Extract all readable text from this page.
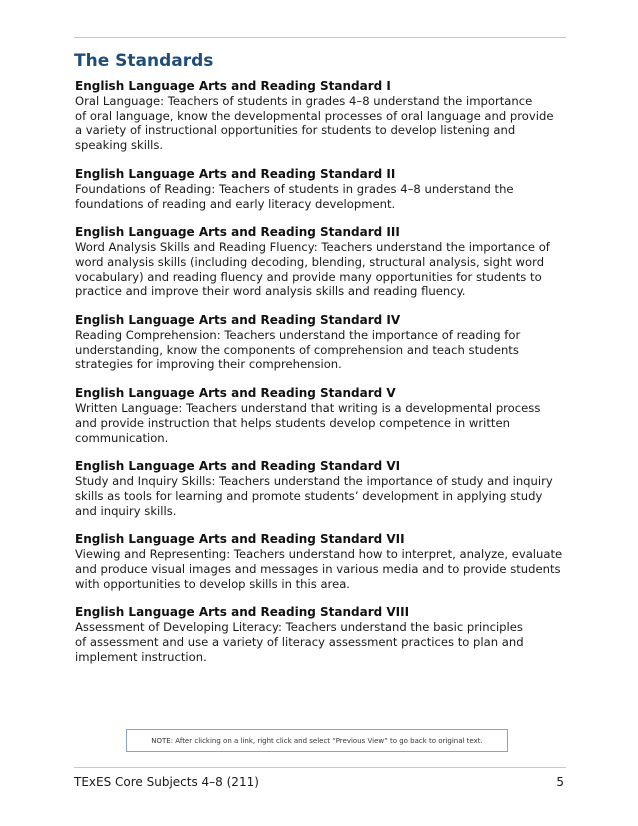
The Standards

English Language Arts and Reading Standard I

Oral Language: Teachers of students in grades 4–8 understand the importance
of oral language, know the developmental processes of oral language and provide
a variety of instructional opportunities for students to develop listening and
speaking skills.

English Language Arts and Reading Standard II

Foundations of Reading: Teachers of students in grades 4–8 understand the
foundations of reading and early literacy development.

English Language Arts and Reading Standard III

Word Analysis Skills and Reading Fluency: Teachers understand the importance of
word analysis skills (including decoding, blending, structural analysis, sight word
vocabulary) and reading fluency and provide many opportunities for students to
practice and improve their word analysis skills and reading fluency.

English Language Arts and Reading Standard IV

Reading Comprehension: Teachers understand the importance of reading for
understanding, know the components of comprehension and teach students
strategies for improving their comprehension.

English Language Arts and Reading Standard V

Written Language: Teachers understand that writing is a developmental process
and provide instruction that helps students develop competence in written
communication.

English Language Arts and Reading Standard VI

Study and Inquiry Skills: Teachers understand the importance of study and inquiry
skills as tools for learning and promote students’ development in applying study
and inquiry skills.

English Language Arts and Reading Standard VII

Viewing and Representing: Teachers understand how to interpret, analyze, evaluate
and produce visual images and messages in various media and to provide students
with opportunities to develop skills in this area.

English Language Arts and Reading Standard VIII

Assessment of Developing Literacy: Teachers understand the basic principles
of assessment and use a variety of literacy assessment practices to plan and
implement instruction.

NOTE: After clicking on a link, right click and select “Previous View” to go back to original text.
TExES Core Subjects 4–8 (211)	5
